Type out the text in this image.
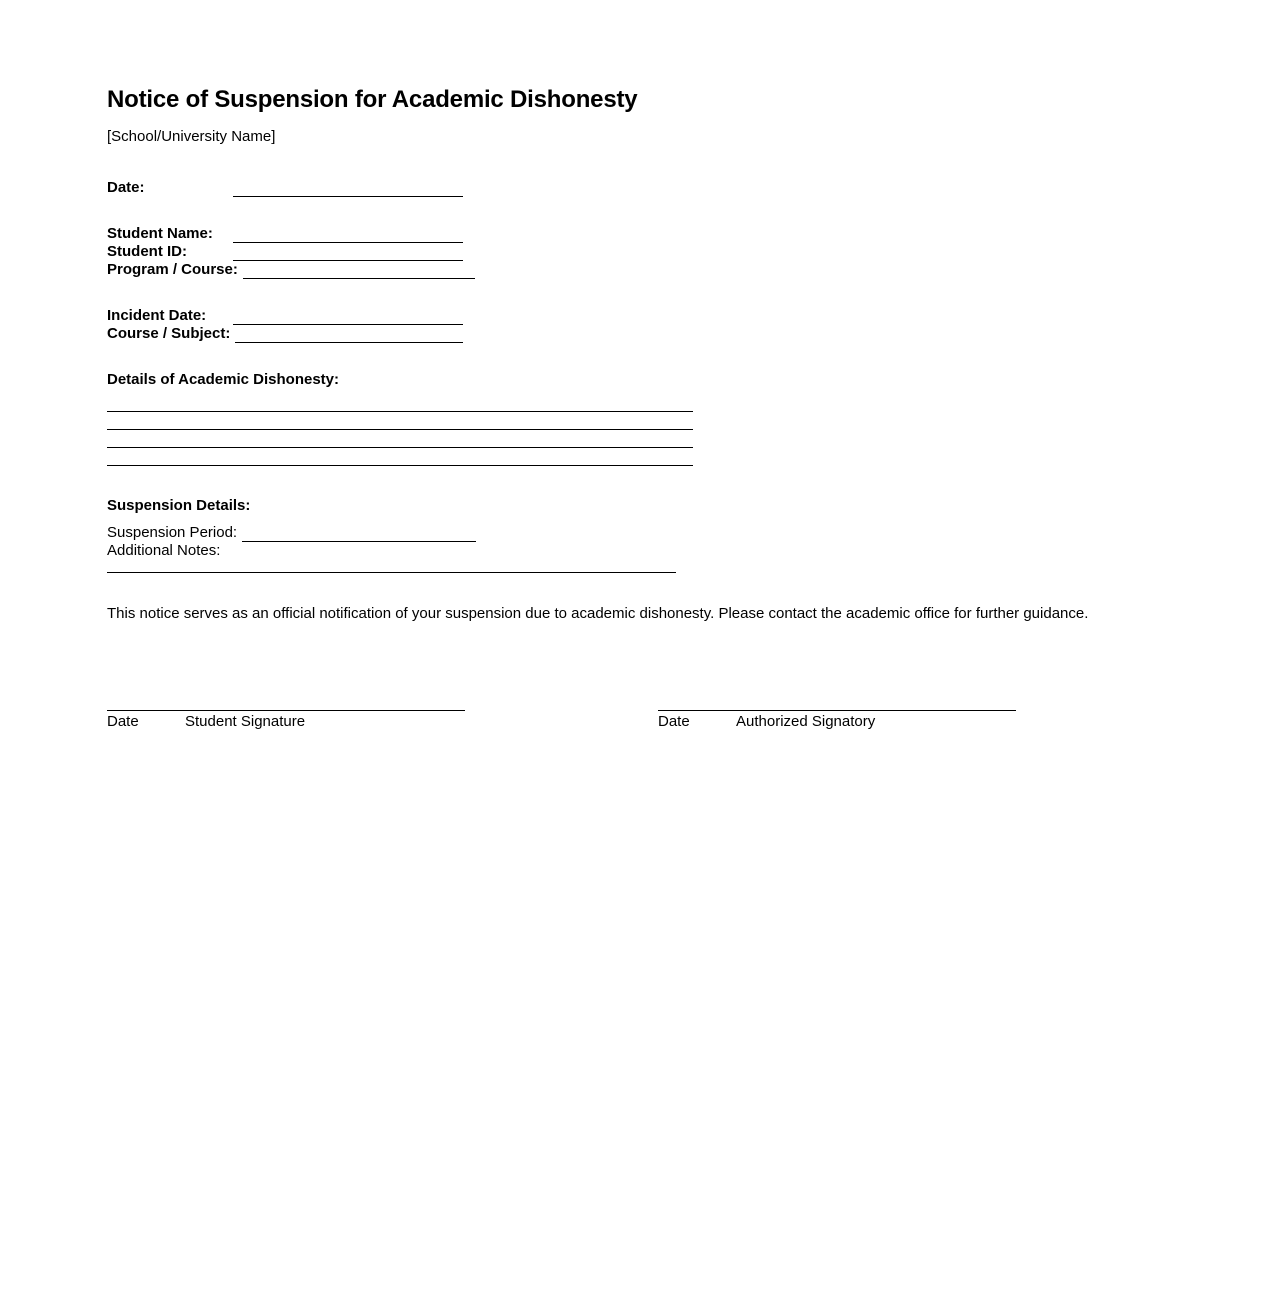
Notice of Suspension for Academic Dishonesty
[School/University Name]
Date:
Student Name:
Student ID:
Program / Course:
Incident Date:
Course / Subject:
Details of Academic Dishonesty:
Suspension Details:
Suspension Period:
Additional Notes:
This notice serves as an official notification of your suspension due to academic dishonesty. Please contact the academic office for further guidance.
Date	Student Signature	Date	Authorized Signatory
